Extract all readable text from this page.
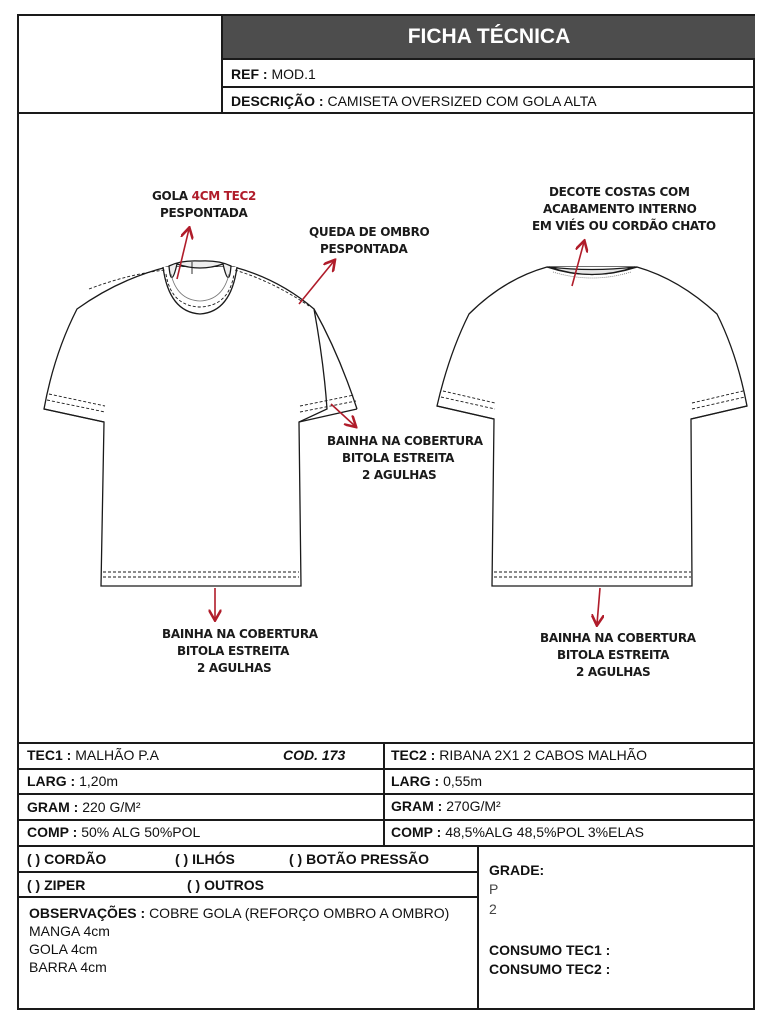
FICHA TÉCNICA
REF : MOD.1
DESCRIÇÃO : CAMISETA OVERSIZED COM GOLA ALTA
GOLA 4CM TEC2
PESPONTADA
QUEDA DE OMBRO
PESPONTADA
BAINHA NA COBERTURA
BITOLA ESTREITA
2 AGULHAS
BAINHA NA COBERTURA
BITOLA ESTREITA
2 AGULHAS
DECOTE COSTAS COM
ACABAMENTO INTERNO
EM VIÉS OU CORDÃO CHATO
BAINHA NA COBERTURA
BITOLA ESTREITA
2 AGULHAS
TEC1 : MALHÃO P.A	COD. 173	TEC2 : RIBANA 2X1 2 CABOS MALHÃO
LARG : 1,20m	LARG : 0,55m
GRAM : 220 G/M²	GRAM : 270G/M²
COMP : 50% ALG 50%POL	COMP : 48,5%ALG 48,5%POL 3%ELAS
( ) CORDÃO	( ) ILHÓS	( ) BOTÃO PRESSÃO
( ) ZIPER	( ) OUTROS
OBSERVAÇÕES : COBRE GOLA (REFORÇO OMBRO A OMBRO)
MANGA 4cm
GOLA 4cm
BARRA 4cm
GRADE:
P
2
CONSUMO TEC1 :
CONSUMO TEC2 :
